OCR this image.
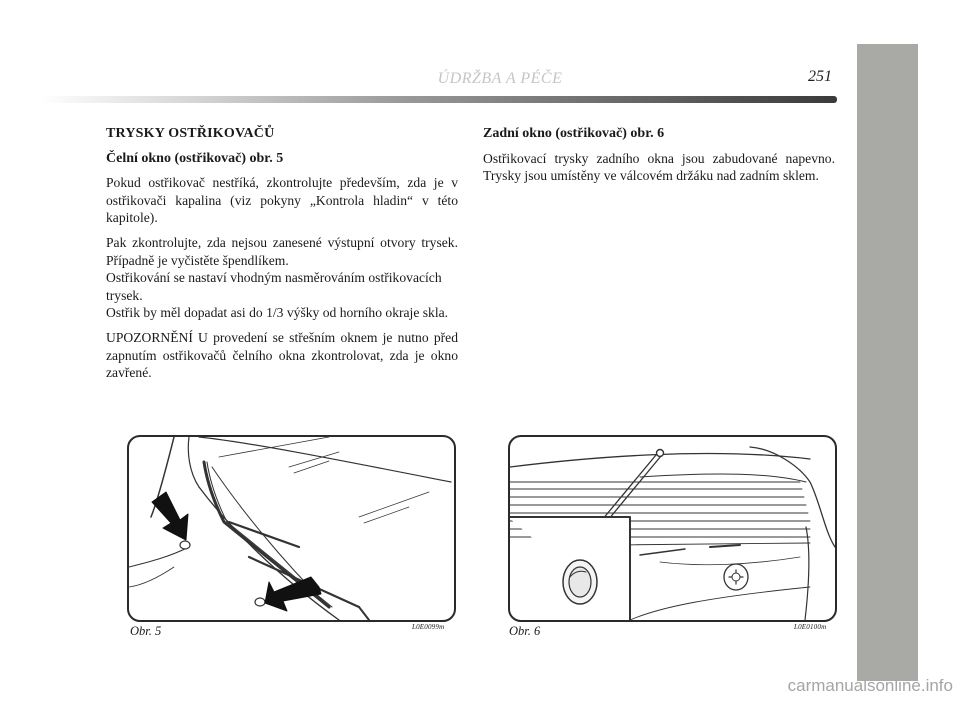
ÚDRŽBA A PÉČE	251
TRYSKY OSTŘIKOVAČŮ
Čelní okno (ostřikovač) obr. 5

Pokud ostřikovač nestříká, zkontrolujte především, zda je v ostřikovači kapalina (viz pokyny „Kontrola hladin“ v této kapitole).

Pak zkontrolujte, zda nejsou zanesené výstupní otvory trysek. Případně je vyčistěte špendlíkem.

Ostřikování se nastaví vhodným nasměrováním ostřikovacích trysek.

Ostřik by měl dopadat asi do 1/3 výšky od horního okraje skla.

UPOZORNĚNÍ U provedení se střešním oknem je nutno před zapnutím ostřikovačů čelního okna zkontrolovat, zda je okno zavřené.

Zadní okno (ostřikovač) obr. 6

Ostřikovací trysky zadního okna jsou zabudované napevno. Trysky jsou umístěny ve válcovém držáku nad zadním sklem.

Obr. 5	L0E0099m	Obr. 6	L0E0100m
carmanualsonline.info
